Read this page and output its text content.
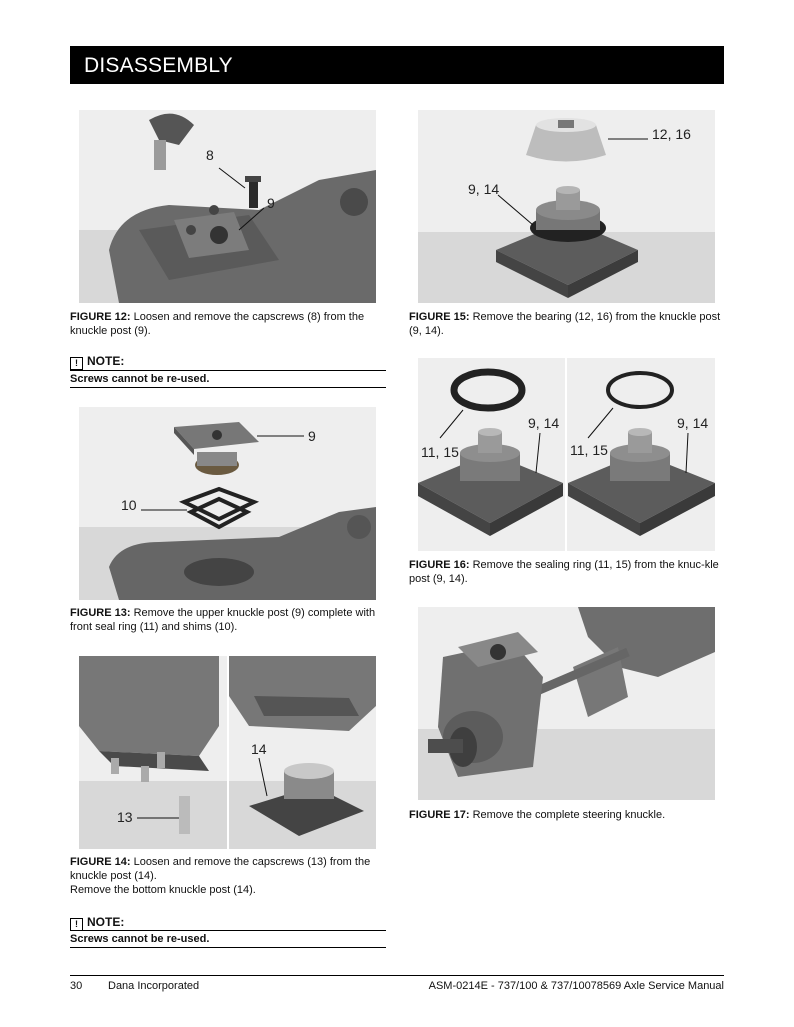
DISASSEMBLY
8
9
FIGURE 12: Loosen and remove the capscrews (8) from the knuckle post (9).
! NOTE:
Screws cannot be re-used.
9
10
FIGURE 13: Remove the upper knuckle post (9) complete with front seal ring (11) and shims (10).
14
13
FIGURE 14: Loosen and remove the capscrews (13) from the knuckle post (14).
Remove the bottom knuckle post (14).
! NOTE:
Screws cannot be re-used.
12, 16
9, 14
FIGURE 15: Remove the bearing (12, 16) from the knuckle post (9, 14).
9, 14
11, 15
9, 14
11, 15
FIGURE 16: Remove the sealing ring (11, 15) from the knuc-kle post (9, 14).
FIGURE 17: Remove the complete steering knuckle.
30 Dana Incorporated	ASM-0214E - 737/100 & 737/10078569 Axle Service Manual
